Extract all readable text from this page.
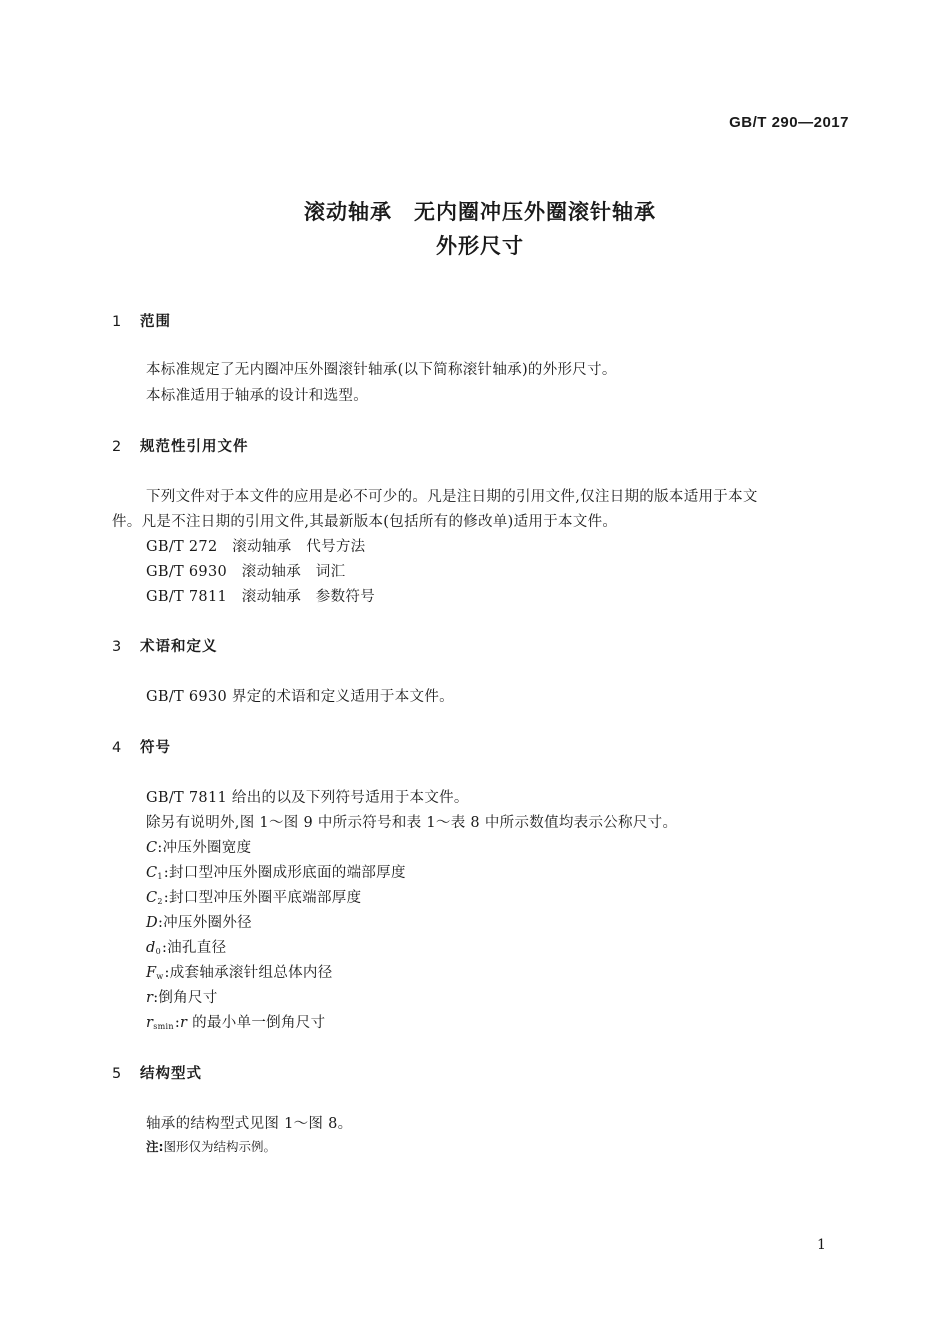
GB/T 290—2017
滚动轴承　无内圈冲压外圈滚针轴承
外形尺寸
1 范围
本标准规定了无内圈冲压外圈滚针轴承(以下简称滚针轴承)的外形尺寸。
本标准适用于轴承的设计和选型。
2 规范性引用文件
下列文件对于本文件的应用是必不可少的。凡是注日期的引用文件,仅注日期的版本适用于本文
件。凡是不注日期的引用文件,其最新版本(包括所有的修改单)适用于本文件。
GB/T 272　滚动轴承　代号方法
GB/T 6930　滚动轴承　词汇
GB/T 7811　滚动轴承　参数符号
3 术语和定义
GB/T 6930 界定的术语和定义适用于本文件。
4 符号
GB/T 7811 给出的以及下列符号适用于本文件。
除另有说明外,图 1～图 9 中所示符号和表 1～表 8 中所示数值均表示公称尺寸。
C:冲压外圈宽度
$C_1$:封口型冲压外圈成形底面的端部厚度
$C_2$:封口型冲压外圈平底端部厚度
D:冲压外圈外径
$d_0$:油孔直径
$F_w$:成套轴承滚针组总体内径
r:倒角尺寸
$r_{smin}:r$ 的最小单一倒角尺寸
5 结构型式
轴承的结构型式见图 1～图 8。
注:图形仅为结构示例。
1
